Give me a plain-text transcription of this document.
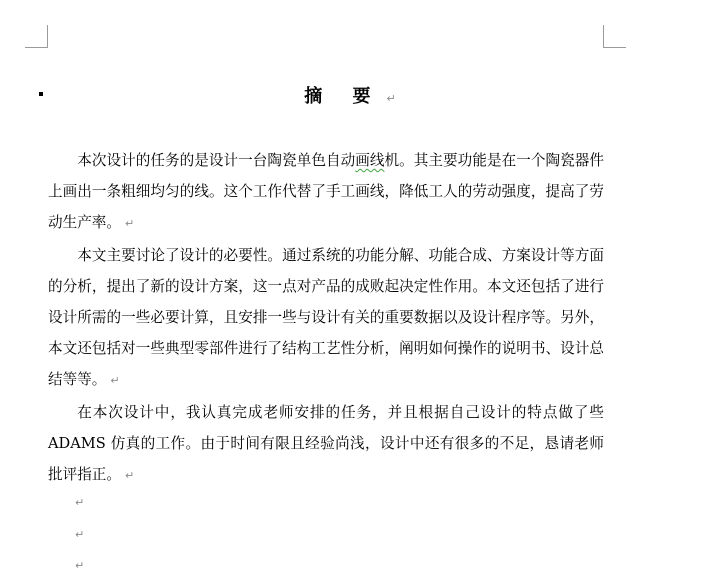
摘 要 ↵

本次设计的任务的是设计一台陶瓷单色自动画线机。其主要功能是在一个陶瓷器件上画出一条粗细均匀的线。这个工作代替了手工画线，降低工人的劳动强度，提高了劳动生产率。 ↵

本文主要讨论了设计的必要性。通过系统的功能分解、功能合成、方案设计等方面的分析，提出了新的设计方案，这一点对产品的成败起决定性作用。本文还包括了进行设计所需的一些必要计算，且安排一些与设计有关的重要数据以及设计程序等。另外，本文还包括对一些典型零部件进行了结构工艺性分析，阐明如何操作的说明书、设计总结等等。 ↵

在本次设计中，我认真完成老师安排的任务，并且根据自己设计的特点做了些 ADAMS 仿真的工作。由于时间有限且经验尚浅，设计中还有很多的不足，恳请老师批评指正。 ↵

↵
↵
↵
